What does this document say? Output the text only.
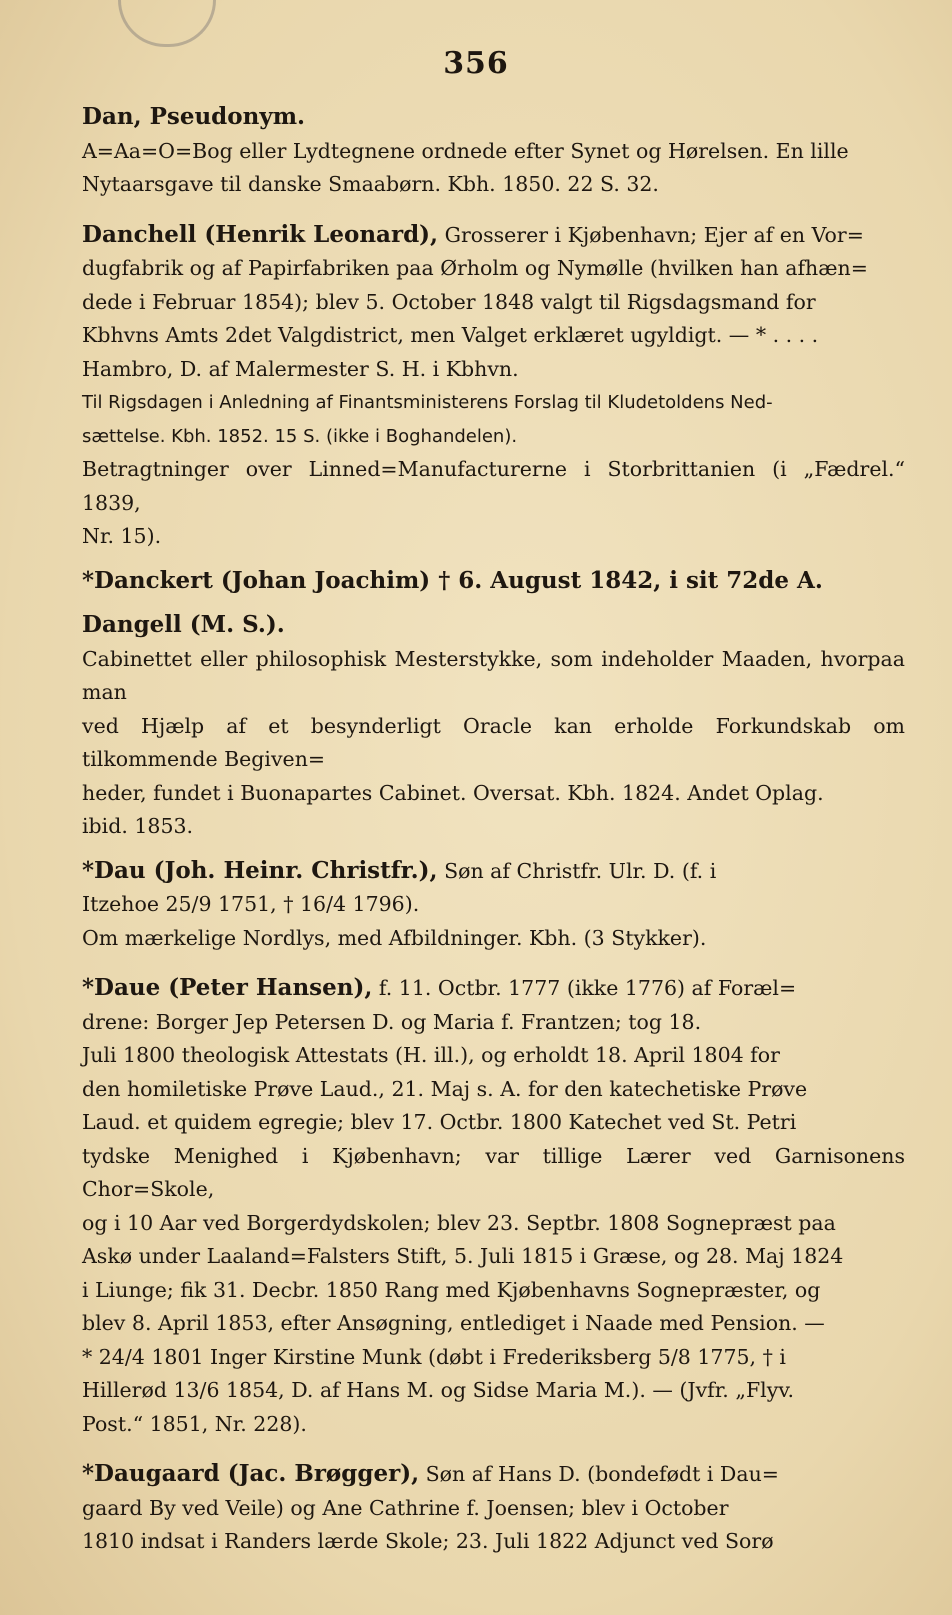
356

Dan, Pseudonym.

A=Aa=O=Bog eller Lydtegnene ordnede efter Synet og Hørelsen. En lille

Nytaarsgave til danske Smaabørn. Kbh. 1850. 22 S. 32.

Danchell (Henrik Leonard), Grosserer i Kjøbenhavn; Ejer af en Vor=

dugfabrik og af Papirfabriken paa Ørholm og Nymølle (hvilken han afhæn=

dede i Februar 1854); blev 5. October 1848 valgt til Rigsdagsmand for

Kbhvns Amts 2det Valgdistrict, men Valget erklæret ugyldigt. — * . . . .

Hambro, D. af Malermester S. H. i Kbhvn.

Til Rigsdagen i Anledning af Finantsministerens Forslag til Kludetoldens Ned-

sættelse. Kbh. 1852. 15 S. (ikke i Boghandelen).

Betragtninger over Linned=Manufacturerne i Storbrittanien (i „Fædrel.“ 1839,

Nr. 15).

*Danckert (Johan Joachim) † 6. August 1842, i sit 72de A.

Dangell (M. S.).

Cabinettet eller philosophisk Mesterstykke, som indeholder Maaden, hvorpaa man

ved Hjælp af et besynderligt Oracle kan erholde Forkundskab om tilkommende Begiven=

heder, fundet i Buonapartes Cabinet. Oversat. Kbh. 1824. Andet Oplag.

ibid. 1853.

*Dau (Joh. Heinr. Christfr.), Søn af Christfr. Ulr. D. (f. i

Itzehoe 25/9 1751, † 16/4 1796).

Om mærkelige Nordlys, med Afbildninger. Kbh. (3 Stykker).

*Daue (Peter Hansen), f. 11. Octbr. 1777 (ikke 1776) af Foræl=

drene: Borger Jep Petersen D. og Maria f. Frantzen; tog 18.

Juli 1800 theologisk Attestats (H. ill.), og erholdt 18. April 1804 for

den homiletiske Prøve Laud., 21. Maj s. A. for den katechetiske Prøve

Laud. et quidem egregie; blev 17. Octbr. 1800 Katechet ved St. Petri

tydske Menighed i Kjøbenhavn; var tillige Lærer ved Garnisonens Chor=Skole,

og i 10 Aar ved Borgerdydskolen; blev 23. Septbr. 1808 Sognepræst paa

Askø under Laaland=Falsters Stift, 5. Juli 1815 i Græse, og 28. Maj 1824

i Liunge; fik 31. Decbr. 1850 Rang med Kjøbenhavns Sognepræster, og

blev 8. April 1853, efter Ansøgning, entlediget i Naade med Pension. —

* 24/4 1801 Inger Kirstine Munk (døbt i Frederiksberg 5/8 1775, † i

Hillerød 13/6 1854, D. af Hans M. og Sidse Maria M.). — (Jvfr. „Flyv.

Post.“ 1851, Nr. 228).

*Daugaard (Jac. Brøgger), Søn af Hans D. (bondefødt i Dau=

gaard By ved Veile) og Ane Cathrine f. Joensen; blev i October

1810 indsat i Randers lærde Skole; 23. Juli 1822 Adjunct ved Sorø
